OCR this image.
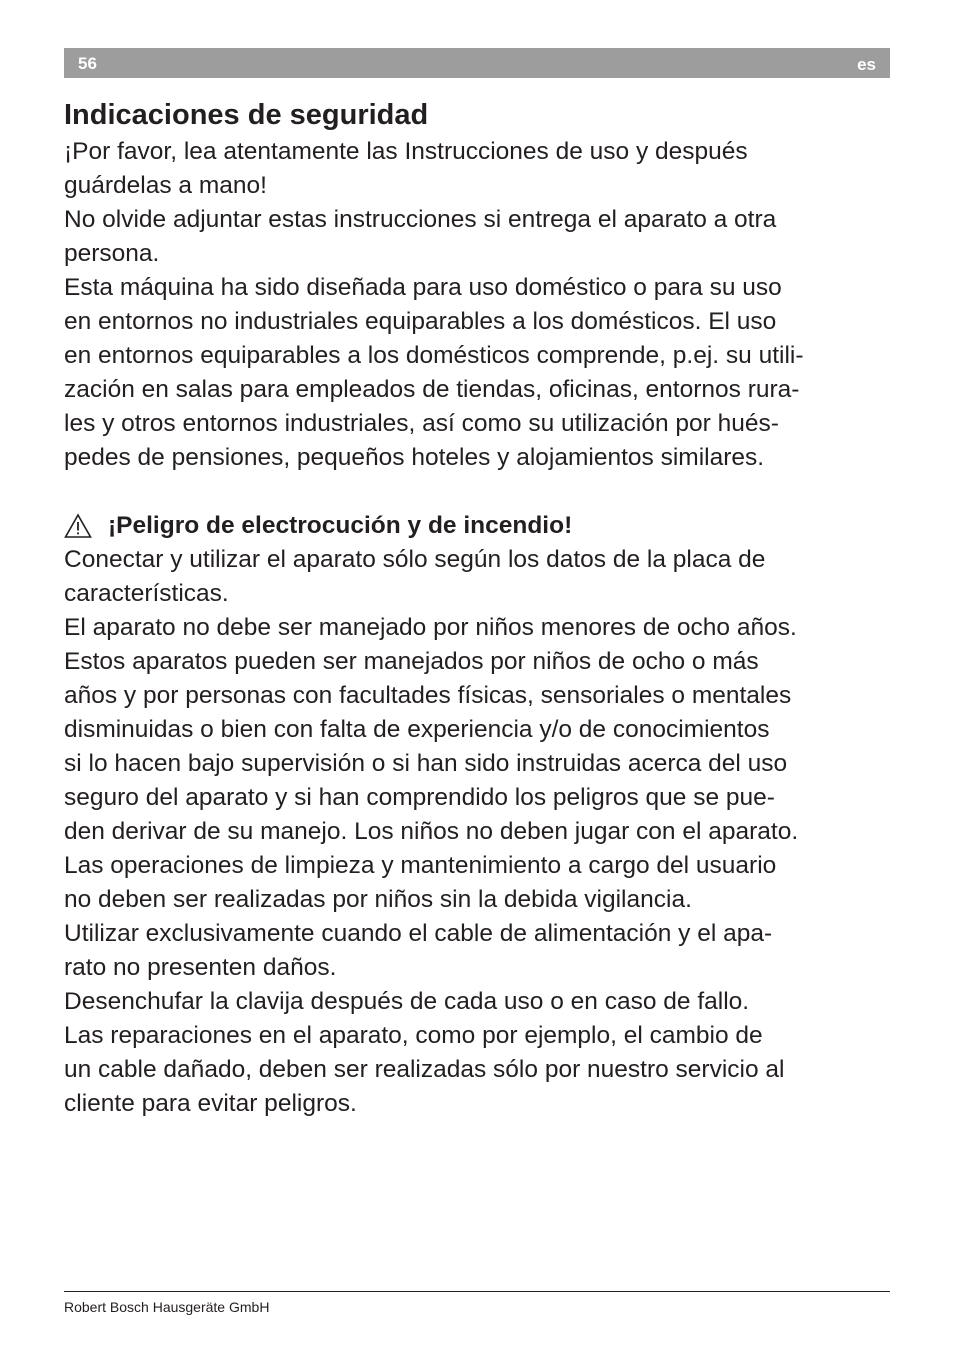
56	es
Indicaciones de seguridad

¡Por favor, lea atentamente las Instrucciones de uso y después

guárdelas a mano!

No olvide adjuntar estas instrucciones si entrega el aparato a otra

persona.

Esta máquina ha sido diseñada para uso doméstico o para su uso

en entornos no industriales equiparables a los domésticos. El uso

en entornos equiparables a los domésticos comprende, p.ej. su utili-

zación en salas para empleados de tiendas, oficinas, entornos rura-

les y otros entornos industriales, así como su utilización por hués-

pedes de pensiones, pequeños hoteles y alojamientos similares.

¡Peligro de electrocución y de incendio!

Conectar y utilizar el aparato sólo según los datos de la placa de

características.

El aparato no debe ser manejado por niños menores de ocho años.

Estos aparatos pueden ser manejados por niños de ocho o más

años y por personas con facultades físicas, sensoriales o mentales

disminuidas o bien con falta de experiencia y/o de conocimientos

si lo hacen bajo supervisión o si han sido instruidas acerca del uso

seguro del aparato y si han comprendido los peligros que se pue-

den derivar de su manejo. Los niños no deben jugar con el aparato.

Las operaciones de limpieza y mantenimiento a cargo del usuario

no deben ser realizadas por niños sin la debida vigilancia.

Utilizar exclusivamente cuando el cable de alimentación y el apa-

rato no presenten daños.

Desenchufar la clavija después de cada uso o en caso de fallo.

Las reparaciones en el aparato, como por ejemplo, el cambio de

un cable dañado, deben ser realizadas sólo por nuestro servicio al

cliente para evitar peligros.

Robert Bosch Hausgeräte GmbH
